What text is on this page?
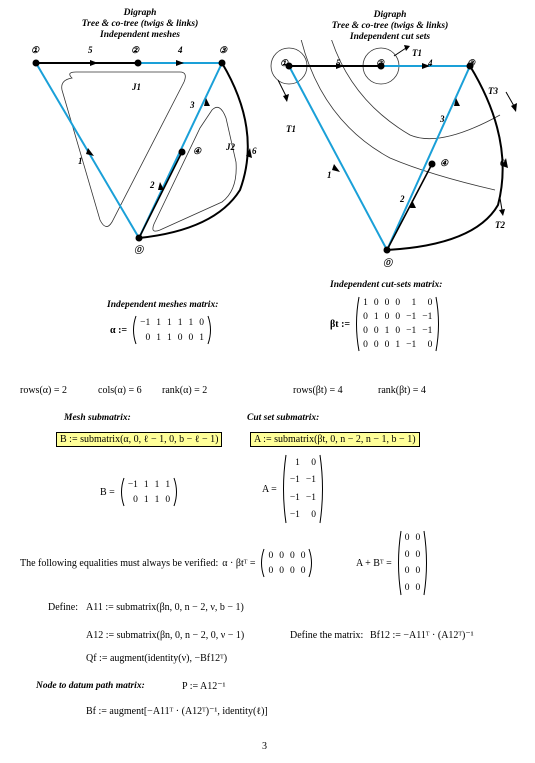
Digraph
Tree & co-tree (twigs & links)
Independent meshes
Digraph
Tree & co-tree (twigs & links)
Independent cut sets
①	②	③
④
⓪
5	4
3
1
2
6
J1
J2
①	②	③
④
⓪
5	4
3
1
2
6
T1
T1
T2
T3
Independent cut-sets matrix:
Independent meshes matrix:
α :=
−1	1	1	1	1	0
0	1	1	0	0	1
βt :=
1	0	0	0	1	0
0	1	0	0	−1	−1
0	0	1	0	−1	−1
0	0	0	1	−1	0
rows(α) = 2	cols(α) = 6 rank(α) = 2	rows(βt) = 4	rank(βt) = 4
Mesh submatrix:	Cut set submatrix:
B := submatrix(α, 0, ℓ − 1, 0, b − ℓ − 1)	A := submatrix(βt, 0, n − 2, n − 1, b − 1)
B =
−1	1	1	1
0	1	1	0
A =
1	0
−1	−1
−1	−1
−1	0
The following equalities must always be verified: α · βtᵀ =
0	0	0	0
0	0	0	0
A + Bᵀ =
0	0
0	0
0	0
0	0
Define: A11 := submatrix(βn, 0, n − 2, ν, b − 1)
A12 := submatrix(βn, 0, n − 2, 0, ν − 1)	Define the matrix: Bf12 := −A11ᵀ · (A12ᵀ)⁻¹
Qf := augment(identity(ν), −Bf12ᵀ)
Node to datum path matrix:	P := A12⁻¹
Bf := augment[−A11ᵀ · (A12ᵀ)⁻¹, identity(ℓ)]
3
